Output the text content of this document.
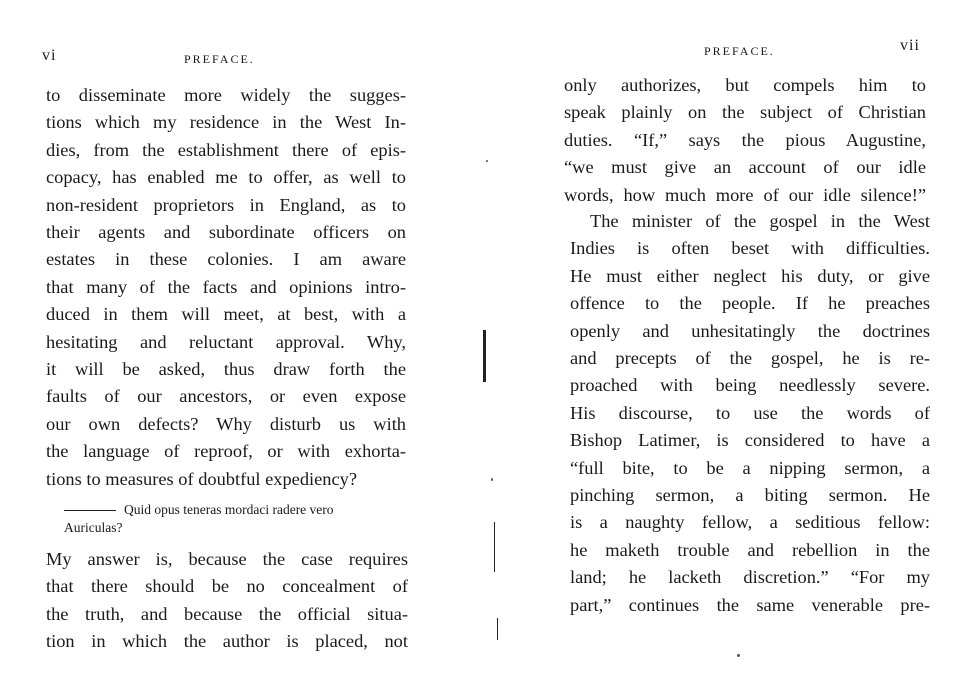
vi	PREFACE.
to disseminate more widely the sugges-
tions which my residence in the West In-
dies, from the establishment there of epis-
copacy, has enabled me to offer, as well to
non-resident proprietors in England, as to
their agents and subordinate officers on
estates in these colonies. I am aware
that many of the facts and opinions intro-
duced in them will meet, at best, with a
hesitating and reluctant approval. Why,
it will be asked, thus draw forth the
faults of our ancestors, or even expose
our own defects? Why disturb us with
the language of reproof, or with exhorta-
tions to measures of doubtful expediency?
Quid opus teneras mordaci radere vero
Auriculas?
My answer is, because the case requires
that there should be no concealment of
the truth, and because the official situa-
tion in which the author is placed, not
PREFACE.	vii
only authorizes, but compels him to
speak plainly on the subject of Christian
duties. “If,” says the pious Augustine,
“we must give an account of our idle
words, how much more of our idle silence!”
The minister of the gospel in the West
Indies is often beset with difficulties.
He must either neglect his duty, or give
offence to the people. If he preaches
openly and unhesitatingly the doctrines
and precepts of the gospel, he is re-
proached with being needlessly severe.
His discourse, to use the words of
Bishop Latimer, is considered to have a
“full bite, to be a nipping sermon, a
pinching sermon, a biting sermon. He
is a naughty fellow, a seditious fellow:
he maketh trouble and rebellion in the
land; he lacketh discretion.” “For my
part,” continues the same venerable pre-
